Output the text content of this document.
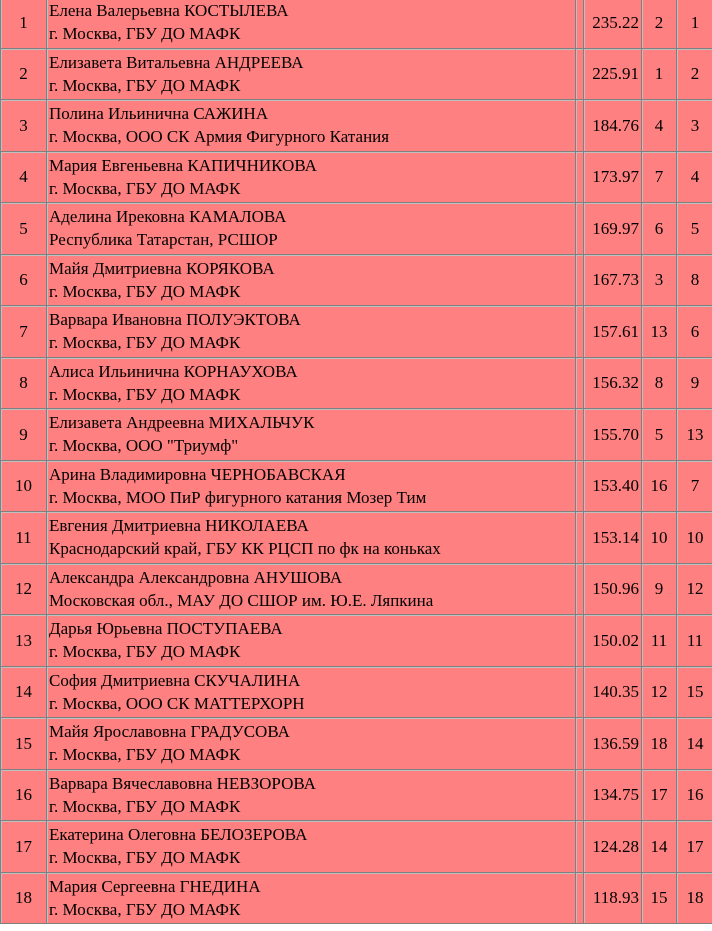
1	Елена Валерьевна КОСТЫЛЕВА
г. Москва, ГБУ ДО МАФК		235.22	2	1
2	Елизавета Витальевна АНДРЕЕВА
г. Москва, ГБУ ДО МАФК		225.91	1	2
3	Полина Ильинична САЖИНА
г. Москва, ООО СК Армия Фигурного Катания		184.76	4	3
4	Мария Евгеньевна КАПИЧНИКОВА
г. Москва, ГБУ ДО МАФК		173.97	7	4
5	Аделина Ирековна КАМАЛОВА
Республика Татарстан, РСШОР		169.97	6	5
6	Майя Дмитриевна КОРЯКОВА
г. Москва, ГБУ ДО МАФК		167.73	3	8
7	Варвара Ивановна ПОЛУЭКТОВА
г. Москва, ГБУ ДО МАФК		157.61	13	6
8	Алиса Ильинична КОРНАУХОВА
г. Москва, ГБУ ДО МАФК		156.32	8	9
9	Елизавета Андреевна МИХАЛЬЧУК
г. Москва, ООО "Триумф"		155.70	5	13
10	Арина Владимировна ЧЕРНОБАВСКАЯ
г. Москва, МОО ПиР фигурного катания Мозер Тим		153.40	16	7
11	Евгения Дмитриевна НИКОЛАЕВА
Краснодарский край, ГБУ КК РЦСП по фк на коньках		153.14	10	10
12	Александра Александровна АНУШОВА
Московская обл., МАУ ДО СШОР им. Ю.Е. Ляпкина		150.96	9	12
13	Дарья Юрьевна ПОСТУПАЕВА
г. Москва, ГБУ ДО МАФК		150.02	11	11
14	София Дмитриевна СКУЧАЛИНА
г. Москва, ООО СК МАТТЕРХОРН		140.35	12	15
15	Майя Ярославовна ГРАДУСОВА
г. Москва, ГБУ ДО МАФК		136.59	18	14
16	Варвара Вячеславовна НЕВЗОРОВА
г. Москва, ГБУ ДО МАФК		134.75	17	16
17	Екатерина Олеговна БЕЛОЗЕРОВА
г. Москва, ГБУ ДО МАФК		124.28	14	17
18	Мария Сергеевна ГНЕДИНА
г. Москва, ГБУ ДО МАФК		118.93	15	18
